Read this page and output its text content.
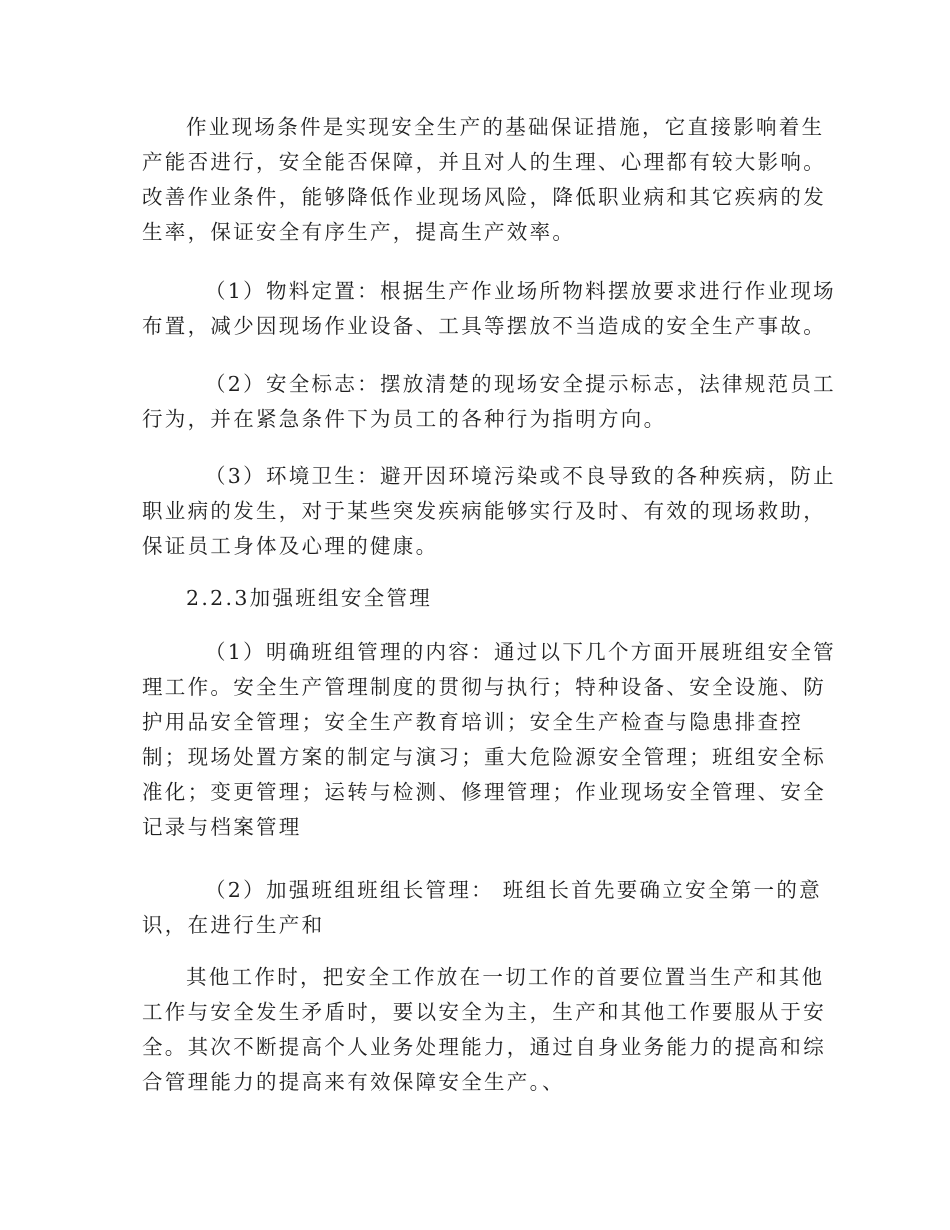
作业现场条件是实现安全生产的基础保证措施，它直接影响着生
产能否进行，安全能否保障，并且对人的生理、心理都有较大影响。
改善作业条件，能够降低作业现场风险，降低职业病和其它疾病的发
生率，保证安全有序生产，提高生产效率。
（1）物料定置：根据生产作业场所物料摆放要求进行作业现场
布置，减少因现场作业设备、工具等摆放不当造成的安全生产事故。
（2）安全标志：摆放清楚的现场安全提示标志，法律规范员工
行为，并在紧急条件下为员工的各种行为指明方向。
（3）环境卫生：避开因环境污染或不良导致的各种疾病，防止
职业病的发生，对于某些突发疾病能够实行及时、有效的现场救助，
保证员工身体及心理的健康。
2.2.3加强班组安全管理
（1）明确班组管理的内容：通过以下几个方面开展班组安全管
理工作。安全生产管理制度的贯彻与执行；特种设备、安全设施、防
护用品安全管理；安全生产教育培训；安全生产检查与隐患排查控
制；现场处置方案的制定与演习；重大危险源安全管理；班组安全标
准化；变更管理；运转与检测、修理管理；作业现场安全管理、安全
记录与档案管理
（2）加强班组班组长管理： 班组长首先要确立安全第一的意
识，在进行生产和
其他工作时，把安全工作放在一切工作的首要位置当生产和其他
工作与安全发生矛盾时，要以安全为主，生产和其他工作要服从于安
全。其次不断提高个人业务处理能力，通过自身业务能力的提高和综
合管理能力的提高来有效保障安全生产。、
